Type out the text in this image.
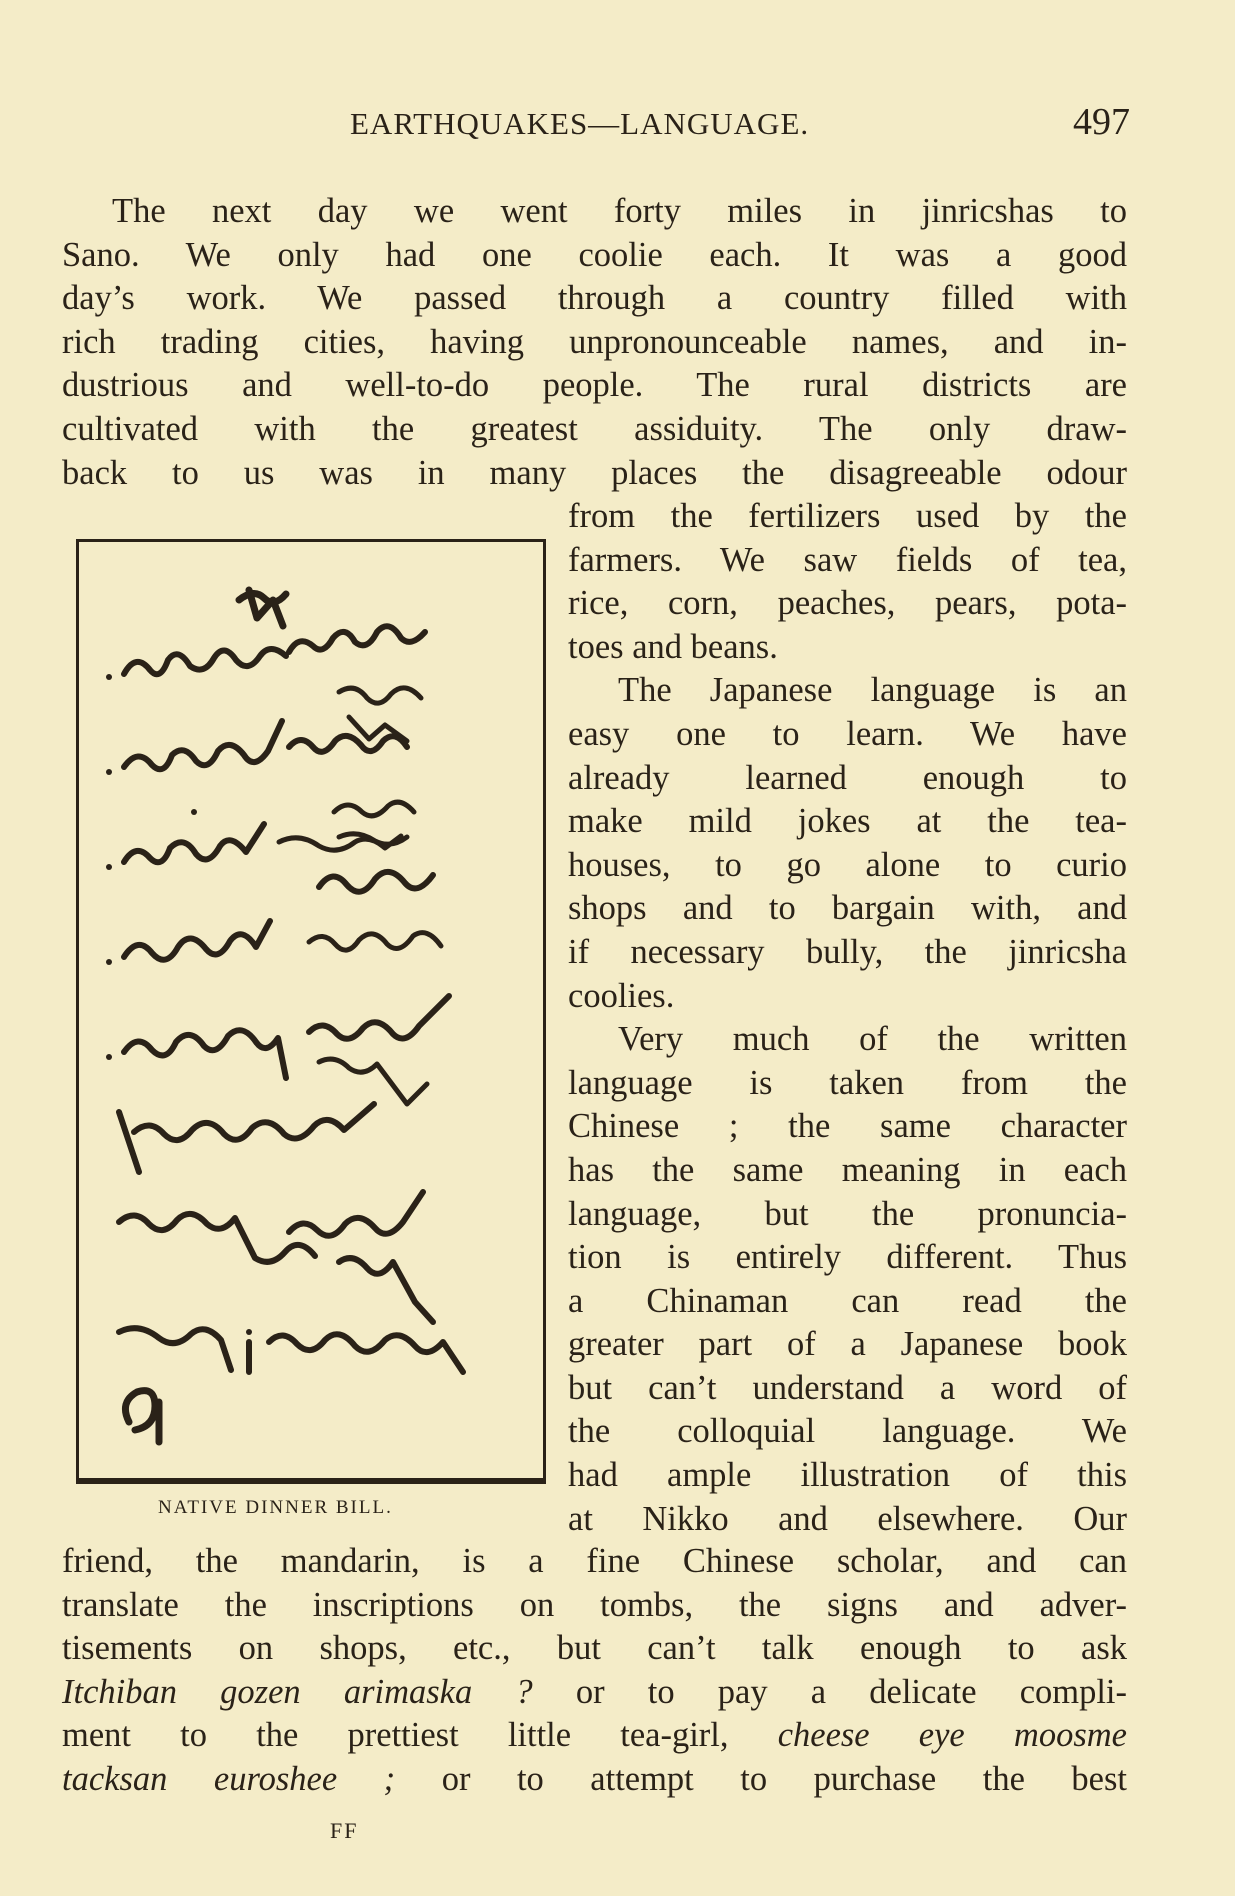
EARTHQUAKES—LANGUAGE.	497
The next day we went forty miles in jinricshas to
Sano. We only had one coolie each. It was a good
day’s work. We passed through a country filled with
rich trading cities, having unpronounceable names, and in-
dustrious and well-to-do people. The rural districts are
cultivated with the greatest assiduity. The only draw-
back to us was in many places the disagreeable odour
NATIVE DINNER BILL.
from the fertilizers used by the
farmers. We saw fields of tea,
rice, corn, peaches, pears, pota-
toes and beans.
The Japanese language is an
easy one to learn. We have
already learned enough to
make mild jokes at the tea-
houses, to go alone to curio
shops and to bargain with, and
if necessary bully, the jinricsha
coolies.
Very much of the written
language is taken from the
Chinese ; the same character
has the same meaning in each
language, but the pronuncia-
tion is entirely different. Thus
a Chinaman can read the
greater part of a Japanese book
but can’t understand a word of
the colloquial language. We
had ample illustration of this
at Nikko and elsewhere. Our
friend, the mandarin, is a fine Chinese scholar, and can
translate the inscriptions on tombs, the signs and adver-
tisements on shops, etc., but can’t talk enough to ask
Itchiban gozen arimaska ? or to pay a delicate compli-
ment to the prettiest little tea-girl, cheese eye moosme
tacksan euroshee ; or to attempt to purchase the best
FF
